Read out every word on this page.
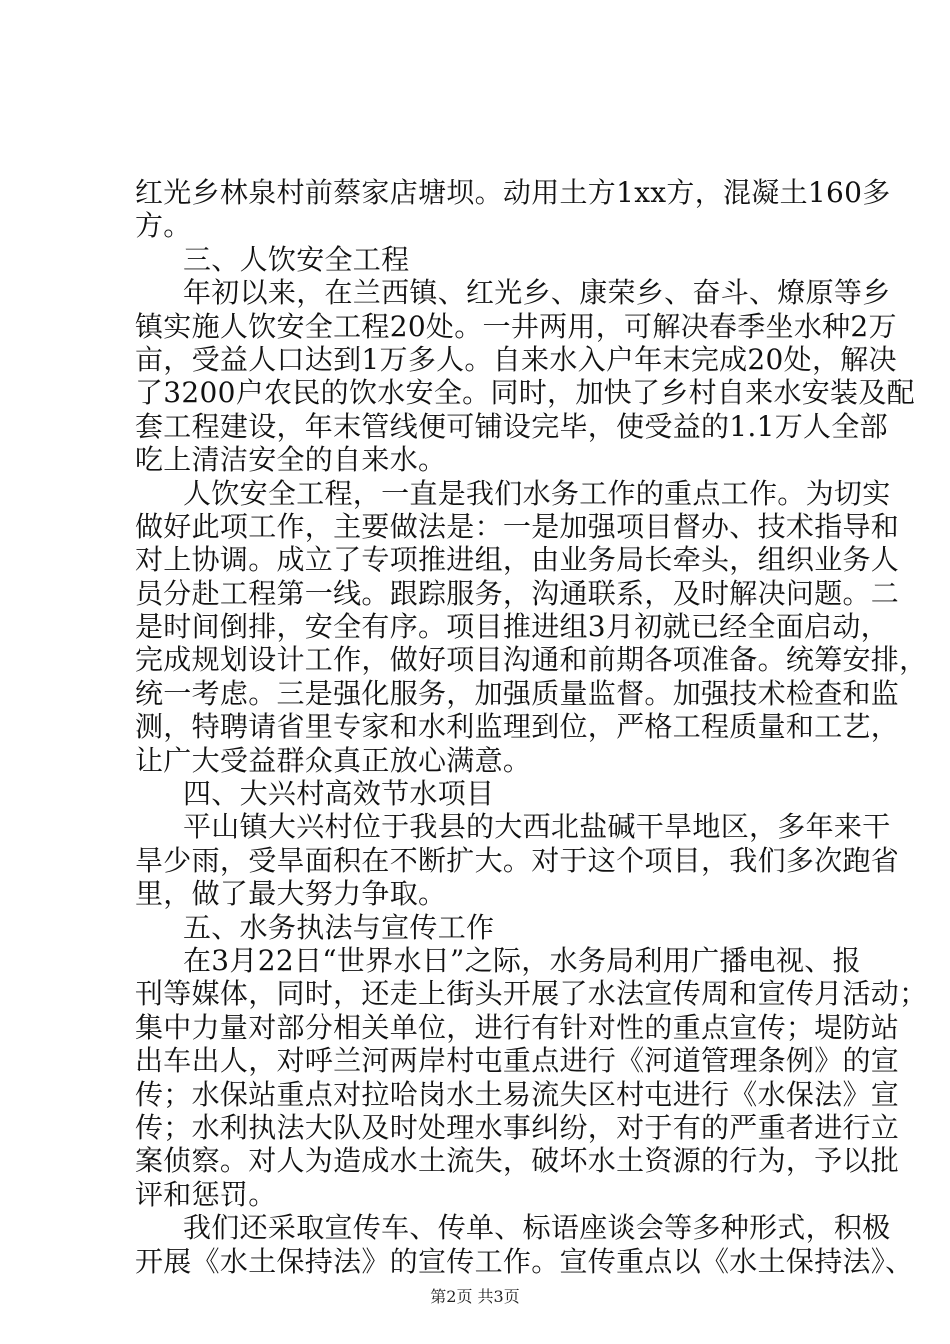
红光乡林泉村前蔡家店塘坝。动用土方1xx方，混凝土160多
方。
三、人饮安全工程
年初以来，在兰西镇、红光乡、康荣乡、奋斗、燎原等乡
镇实施人饮安全工程20处。一井两用，可解决春季坐水种2万
亩，受益人口达到1万多人。自来水入户年末完成20处，解决
了3200户农民的饮水安全。同时，加快了乡村自来水安装及配
套工程建设，年末管线便可铺设完毕，使受益的1.1万人全部
吃上清洁安全的自来水。
人饮安全工程，一直是我们水务工作的重点工作。为切实
做好此项工作，主要做法是：一是加强项目督办、技术指导和
对上协调。成立了专项推进组，由业务局长牵头，组织业务人
员分赴工程第一线。跟踪服务，沟通联系，及时解决问题。二
是时间倒排，安全有序。项目推进组3月初就已经全面启动，
完成规划设计工作，做好项目沟通和前期各项准备。统筹安排，
统一考虑。三是强化服务，加强质量监督。加强技术检查和监
测，特聘请省里专家和水利监理到位，严格工程质量和工艺，
让广大受益群众真正放心满意。
四、大兴村高效节水项目
平山镇大兴村位于我县的大西北盐碱干旱地区，多年来干
旱少雨，受旱面积在不断扩大。对于这个项目，我们多次跑省
里，做了最大努力争取。
五、水务执法与宣传工作
在3月22日“世界水日”之际，水务局利用广播电视、报
刊等媒体，同时，还走上街头开展了水法宣传周和宣传月活动；
集中力量对部分相关单位，进行有针对性的重点宣传；堤防站
出车出人，对呼兰河两岸村屯重点进行《河道管理条例》的宣
传；水保站重点对拉哈岗水土易流失区村屯进行《水保法》宣
传；水利执法大队及时处理水事纠纷，对于有的严重者进行立
案侦察。对人为造成水土流失，破坏水土资源的行为，予以批
评和惩罚。
我们还采取宣传车、传单、标语座谈会等多种形式，积极
开展《水土保持法》的宣传工作。宣传重点以《水土保持法》、
第2页 共3页
